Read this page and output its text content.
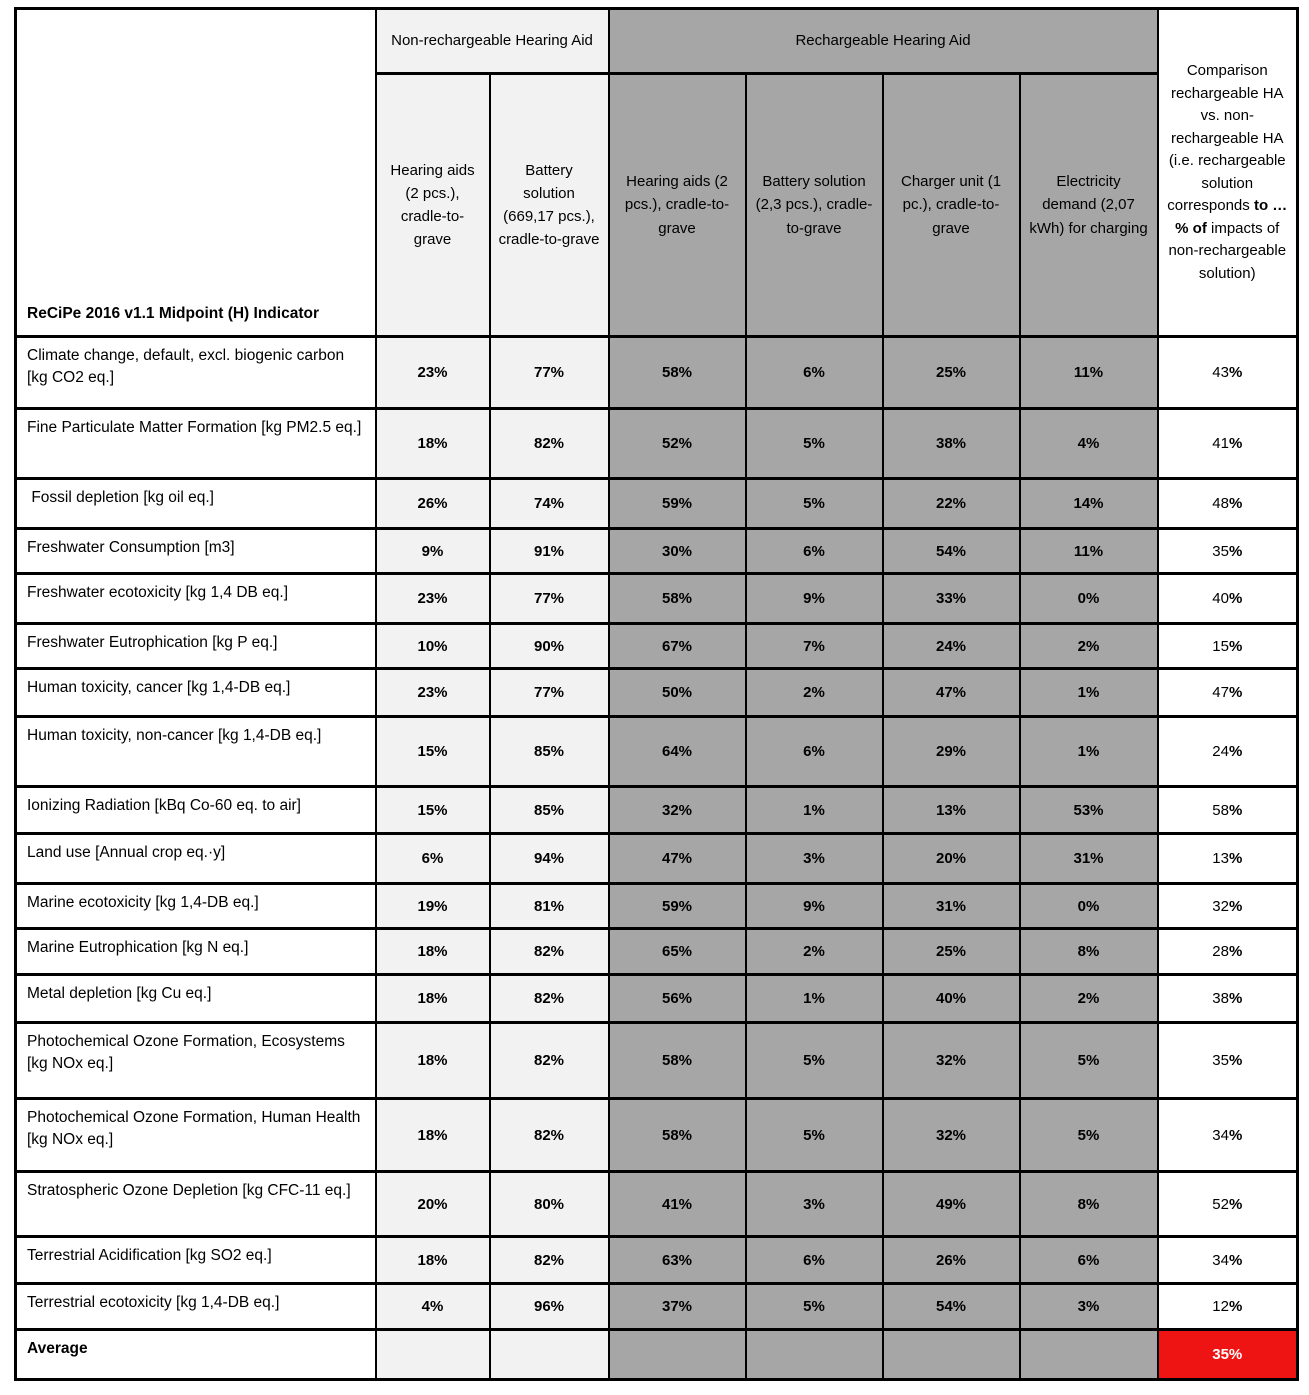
ReCiPe 2016 v1.1 Midpoint (H) Indicator	Non-rechargeable Hearing Aid		Rechargeable Hearing Aid				Comparison rechargeable HA vs. non-rechargeable HA (i.e. rechargeable solution corresponds to …% of impacts of non-rechargeable solution)
	Hearing aids (2 pcs.), cradle-to-grave	Battery solution (669,17 pcs.), cradle-to-grave	Hearing aids (2 pcs.), cradle-to-grave	Battery solution (2,3 pcs.), cradle-to-grave	Charger unit (1 pc.), cradle-to-grave	Electricity demand (2,07 kWh) for charging	
Climate change, default, excl. biogenic carbon [kg CO2 eq.]	23%	77%	58%	6%	25%	11%	43%
Fine Particulate Matter Formation [kg PM2.5 eq.]	18%	82%	52%	5%	38%	4%	41%
Fossil depletion [kg oil eq.]	26%	74%	59%	5%	22%	14%	48%
Freshwater Consumption [m3]	9%	91%	30%	6%	54%	11%	35%
Freshwater ecotoxicity [kg 1,4 DB eq.]	23%	77%	58%	9%	33%	0%	40%
Freshwater Eutrophication [kg P eq.]	10%	90%	67%	7%	24%	2%	15%
Human toxicity, cancer [kg 1,4-DB eq.]	23%	77%	50%	2%	47%	1%	47%
Human toxicity, non-cancer [kg 1,4-DB eq.]	15%	85%	64%	6%	29%	1%	24%
Ionizing Radiation [kBq Co-60 eq. to air]	15%	85%	32%	1%	13%	53%	58%
Land use [Annual crop eq.·y]	6%	94%	47%	3%	20%	31%	13%
Marine ecotoxicity [kg 1,4-DB eq.]	19%	81%	59%	9%	31%	0%	32%
Marine Eutrophication [kg N eq.]	18%	82%	65%	2%	25%	8%	28%
Metal depletion [kg Cu eq.]	18%	82%	56%	1%	40%	2%	38%
Photochemical Ozone Formation, Ecosystems [kg NOx eq.]	18%	82%	58%	5%	32%	5%	35%
Photochemical Ozone Formation, Human Health [kg NOx eq.]	18%	82%	58%	5%	32%	5%	34%
Stratospheric Ozone Depletion [kg CFC-11 eq.]	20%	80%	41%	3%	49%	8%	52%
Terrestrial Acidification [kg SO2 eq.]	18%	82%	63%	6%	26%	6%	34%
Terrestrial ecotoxicity [kg 1,4-DB eq.]	4%	96%	37%	5%	54%	3%	12%
Average							35%
